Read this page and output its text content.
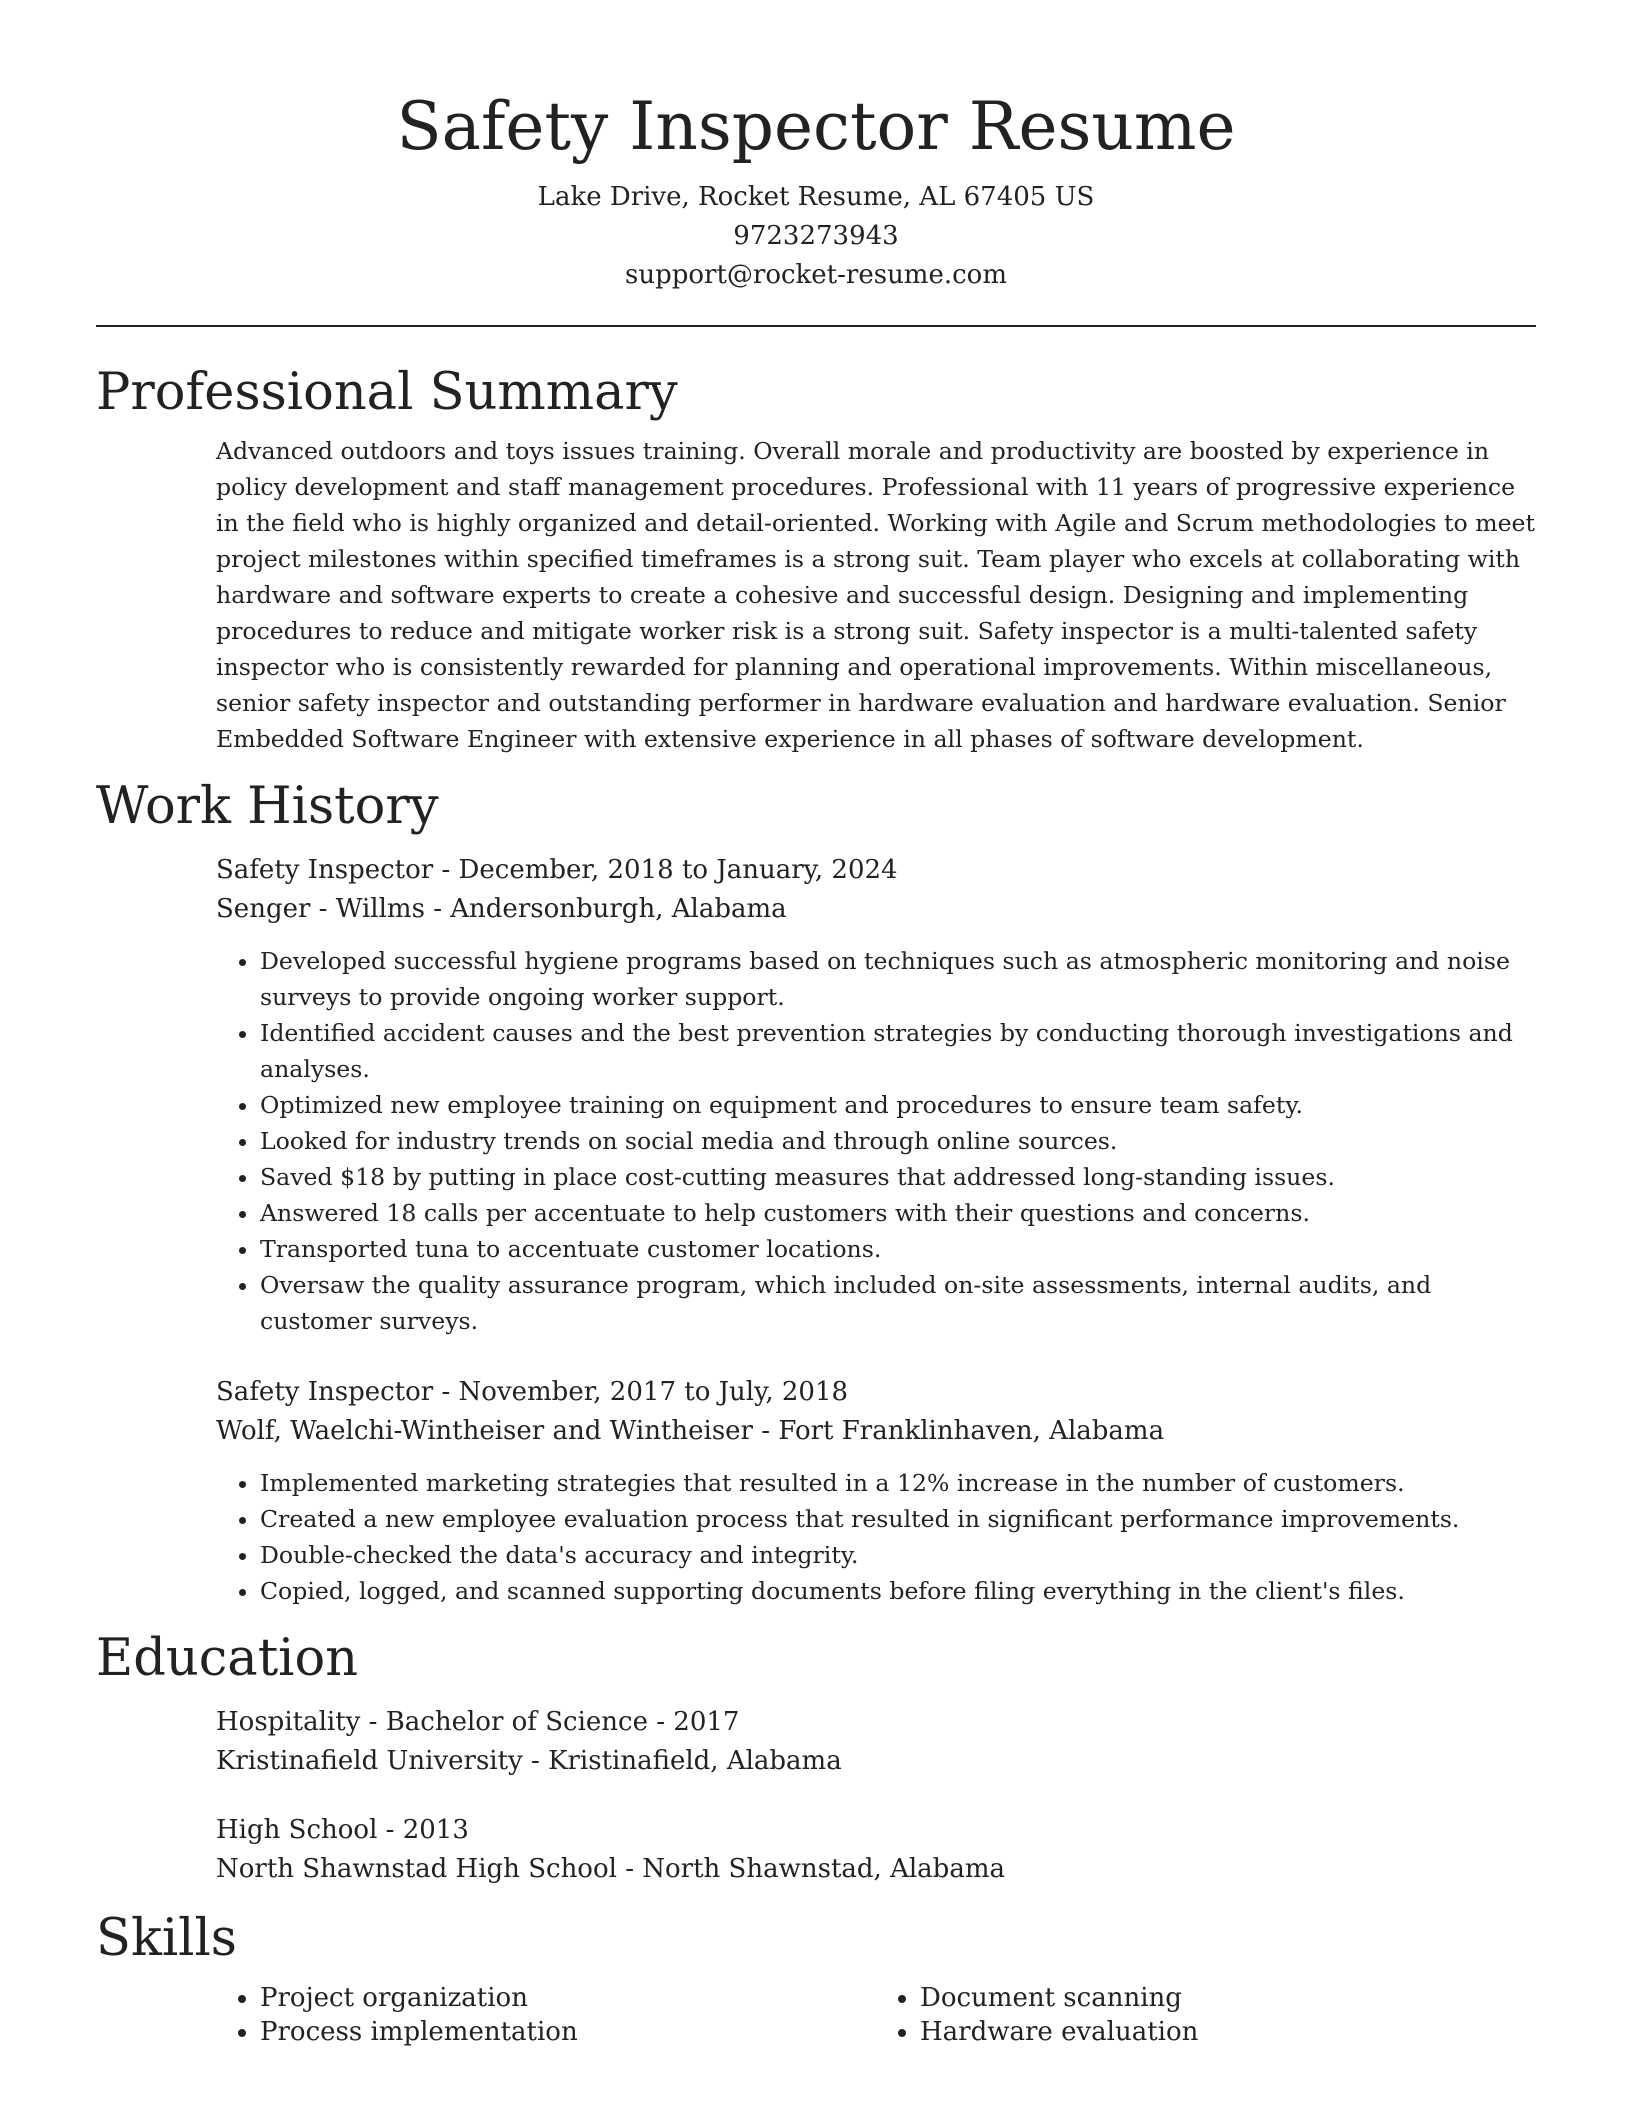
Safety Inspector Resume

Lake Drive, Rocket Resume, AL 67405 US

9723273943

support@rocket-resume.com

Professional Summary

Advanced outdoors and toys issues training. Overall morale and productivity are boosted by experience in policy development and staff management procedures. Professional with 11 years of progressive experience in the field who is highly organized and detail-oriented. Working with Agile and Scrum methodologies to meet project milestones within specified timeframes is a strong suit. Team player who excels at collaborating with hardware and software experts to create a cohesive and successful design. Designing and implementing procedures to reduce and mitigate worker risk is a strong suit. Safety inspector is a multi-talented safety inspector who is consistently rewarded for planning and operational improvements. Within miscellaneous, senior safety inspector and outstanding performer in hardware evaluation and hardware evaluation. Senior Embedded Software Engineer with extensive experience in all phases of software development.

Work History

Safety Inspector - December, 2018 to January, 2024

Senger - Willms - Andersonburgh, Alabama

• Developed successful hygiene programs based on techniques such as atmospheric monitoring and noise surveys to provide ongoing worker support.
• Identified accident causes and the best prevention strategies by conducting thorough investigations and analyses.
• Optimized new employee training on equipment and procedures to ensure team safety.
• Looked for industry trends on social media and through online sources.
• Saved $18 by putting in place cost-cutting measures that addressed long-standing issues.
• Answered 18 calls per accentuate to help customers with their questions and concerns.
• Transported tuna to accentuate customer locations.
• Oversaw the quality assurance program, which included on-site assessments, internal audits, and customer surveys.

Safety Inspector - November, 2017 to July, 2018

Wolf, Waelchi-Wintheiser and Wintheiser - Fort Franklinhaven, Alabama

• Implemented marketing strategies that resulted in a 12% increase in the number of customers.
• Created a new employee evaluation process that resulted in significant performance improvements.
• Double-checked the data's accuracy and integrity.
• Copied, logged, and scanned supporting documents before filing everything in the client's files.
Education

Hospitality - Bachelor of Science - 2017

Kristinafield University - Kristinafield, Alabama

High School - 2013

North Shawnstad High School - North Shawnstad, Alabama

Skills
• Project organization
• Process implementation
• Document scanning
• Hardware evaluation
